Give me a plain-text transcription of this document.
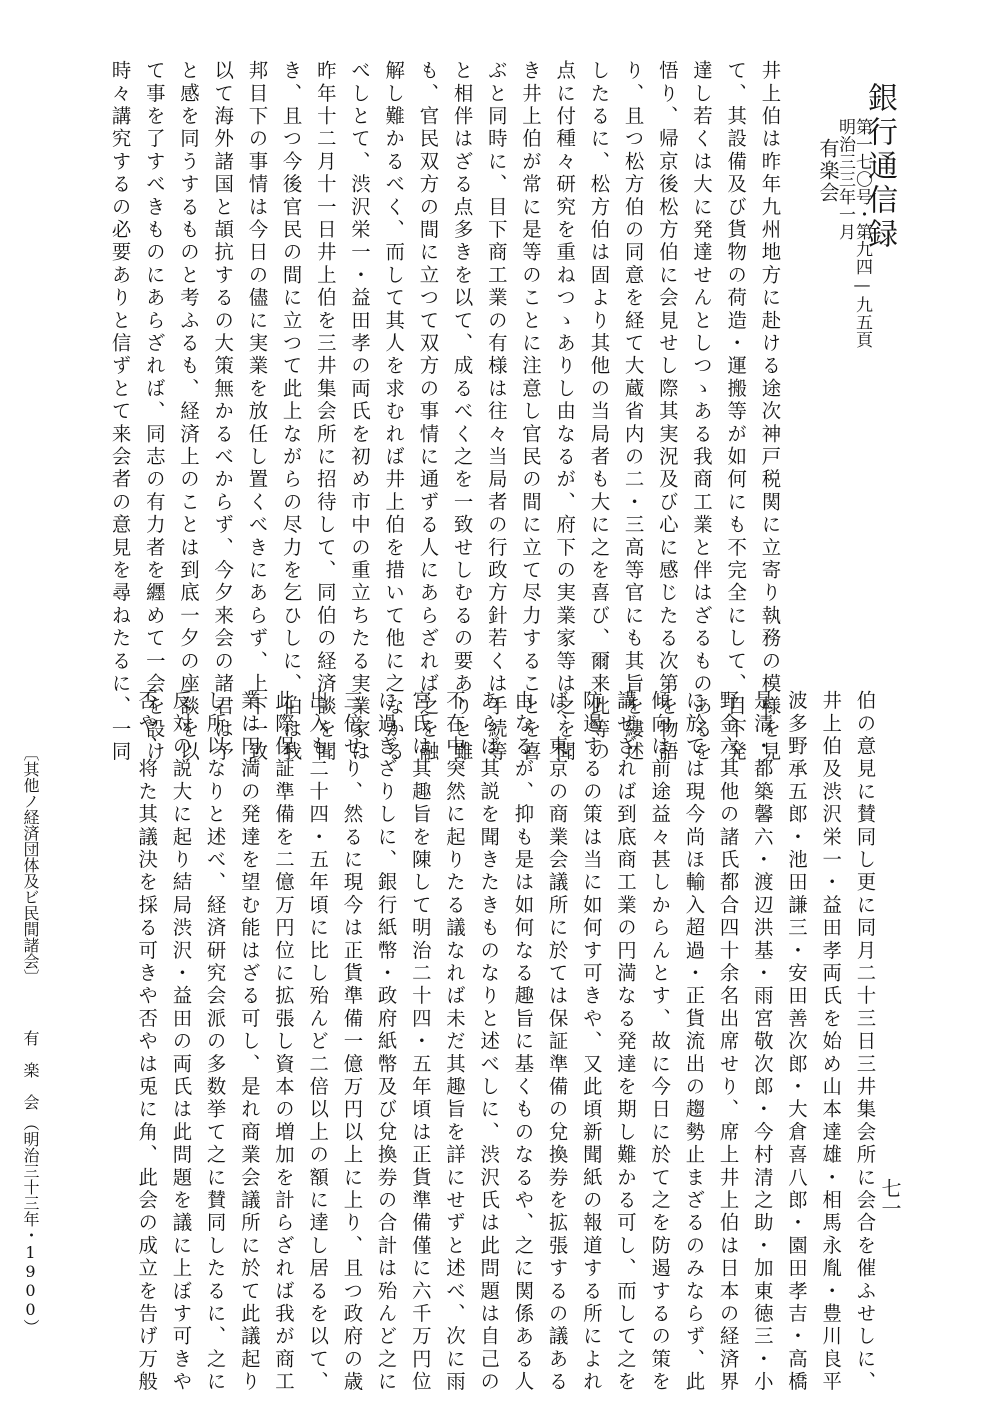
銀行通信録
第一七〇号・第九四—九五頁
明治三三年一月
有楽会
井上伯は昨年九州地方に赴ける途次神戸税関に立寄り執務の模様を見
て、其設備及び貨物の荷造・運搬等が如何にも不完全にして、目下発
達し若くは大に発達せんとしつゝある我商工業と伴はざるものあるを
悟り、帰京後松方伯に会見せし際其実況及び心に感じたる次第を物語
り、且つ松方伯の同意を経て大蔵省内の二・三高等官にも其旨を縷述
したるに、松方伯は固より其他の当局者も大に之を喜び、爾来此等の
点に付種々研究を重ねつゝありし由なるが、府下の実業家等は之を聞
き井上伯が常に是等のことに注意し官民の間に立て尽力することを喜
ぶと同時に、目下商工業の有様は往々当局者の行政方針若くは手続等
と相伴はざる点多きを以て、成るべく之を一致せしむるの要ありと雖
も、官民双方の間に立つて双方の事情に通ずる人にあらざれば之を融
解し難かるべく、而して其人を求むれば井上伯を措いて他に之なかる
べしとて、渋沢栄一・益田孝の両氏を初め市中の重立ちたる実業家は
昨年十二月十一日井上伯を三井集会所に招待して、同伯の経済談を聞
き、且つ今後官民の間に立つて此上ながらの尽力を乞ひしに、伯は我
邦目下の事情は今日の儘に実業を放任し置くべきにあらず、上下一致
以て海外諸国と頡抗するの大策無かるべからず、今夕来会の諸君は予
と感を同うするものと考ふるも、経済上のことは到底一夕の座談を以
て事を了すべきものにあらざれば、同志の有力者を纒めて一会を設け
時々講究するの必要ありと信ずとて来会者の意見を尋ねたるに、一同
伯の意見に賛同し更に同月二十三日三井集会所に会合を催ふせしに、
井上伯及渋沢栄一・益田孝両氏を始め山本達雄・相馬永胤・豊川良平
波多野承五郎・池田謙三・安田善次郎・大倉喜八郎・園田孝吉・高橋
是清・都築馨六・渡辺洪基・雨宮敬次郎・今村清之助・加東徳三・小
野金六其他の諸氏都合四十余名出席せり、席上井上伯は日本の経済界
に於ては現今尚ほ輸入超過・正貨流出の趨勢止まざるのみならず、此
傾向は前途益々甚しからんとす、故に今日に於て之を防遏するの策を
講ぜざれば到底商工業の円満なる発達を期し難かる可し、而して之を
防遏するの策は当に如何す可きや、又此頃新聞紙の報道する所によれ
ば、東京の商業会議所に於ては保証準備の兌換券を拡張するの議ある
由なるが、抑も是は如何なる趣旨に基くものなるや、之に関係ある人
あらば其説を聞きたきものなりと述べしに、渋沢氏は此問題は自己の
不在中突然に起りたる議なれば未だ其趣旨を詳にせずと述べ、次に雨
宮氏は其趣旨を陳して明治二十四・五年頃は正貨準備僅に六千万円位
に過ぎざりしに、銀行紙幣・政府紙幣及び兌換券の合計は殆んど之に
三倍せり、然るに現今は正貨準備一億万円以上に上り、且つ政府の歳
出入も二十四・五年頃に比し殆んど二倍以上の額に達し居るを以て、
此際保証準備を二億万円位に拡張し資本の増加を計らざれば我が商工
業は円満の発達を望む能はざる可し、是れ商業会議所に於て此議起り
し所以なりと述べ、経済研究会派の多数挙て之に賛同したるに、之に
反対の説大に起り結局渋沢・益田の両氏は此問題を議に上ぼす可きや
否や、将た其議決を採る可きや否やは兎に角、此会の成立を告げ万般
〔其他ノ経済団体及ビ民間諸会〕
有　楽　会
（明治三十三年・1900）	七一
